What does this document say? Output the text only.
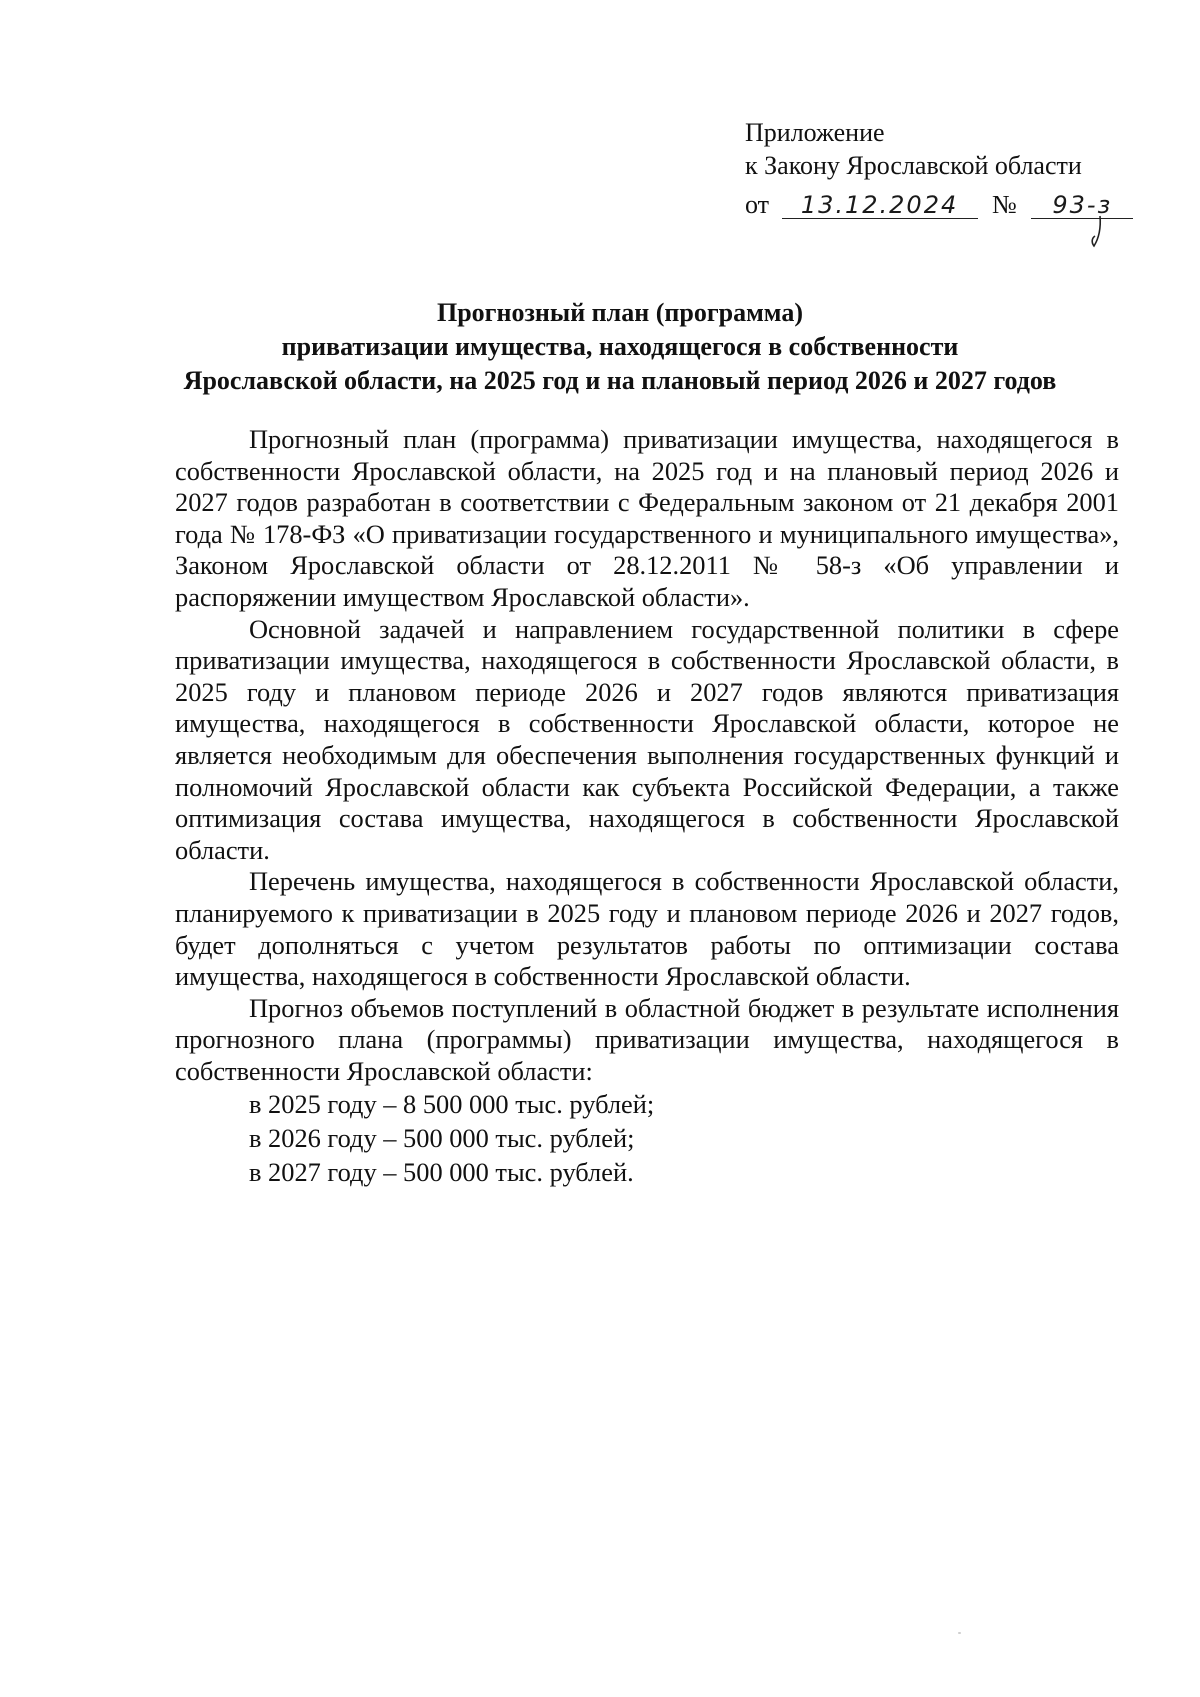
Приложение
к Закону Ярославской области
от 13.12.2024 № 93-з
Прогнозный план (программа)
приватизации имущества, находящегося в собственности
Ярославской области, на 2025 год и на плановый период 2026 и 2027 годов

Прогнозный план (программа) приватизации имущества, находящегося в собственности Ярославской области, на 2025 год и на плановый период 2026 и 2027 годов разработан в соответствии с Федеральным законом от 21 декабря 2001 года № 178-ФЗ «О приватизации государственного и муниципального имущества», Законом Ярославской области от 28.12.2011 № 58-з «Об управлении и распоряжении имуществом Ярославской области».

Основной задачей и направлением государственной политики в сфере приватизации имущества, находящегося в собственности Ярославской области, в 2025 году и плановом периоде 2026 и 2027 годов являются приватизация имущества, находящегося в собственности Ярославской области, которое не является необходимым для обеспечения выполнения государственных функций и полномочий Ярославской области как субъекта Российской Федерации, а также оптимизация состава имущества, находящегося в собственности Ярославской области.

Перечень имущества, находящегося в собственности Ярославской области, планируемого к приватизации в 2025 году и плановом периоде 2026 и 2027 годов, будет дополняться с учетом результатов работы по оптимизации состава имущества, находящегося в собственности Ярославской области.

Прогноз объемов поступлений в областной бюджет в результате исполнения прогнозного плана (программы) приватизации имущества, находящегося в собственности Ярославской области:

в 2025 году – 8 500 000 тыс. рублей;
в 2026 году – 500 000 тыс. рублей;
в 2027 году – 500 000 тыс. рублей.
